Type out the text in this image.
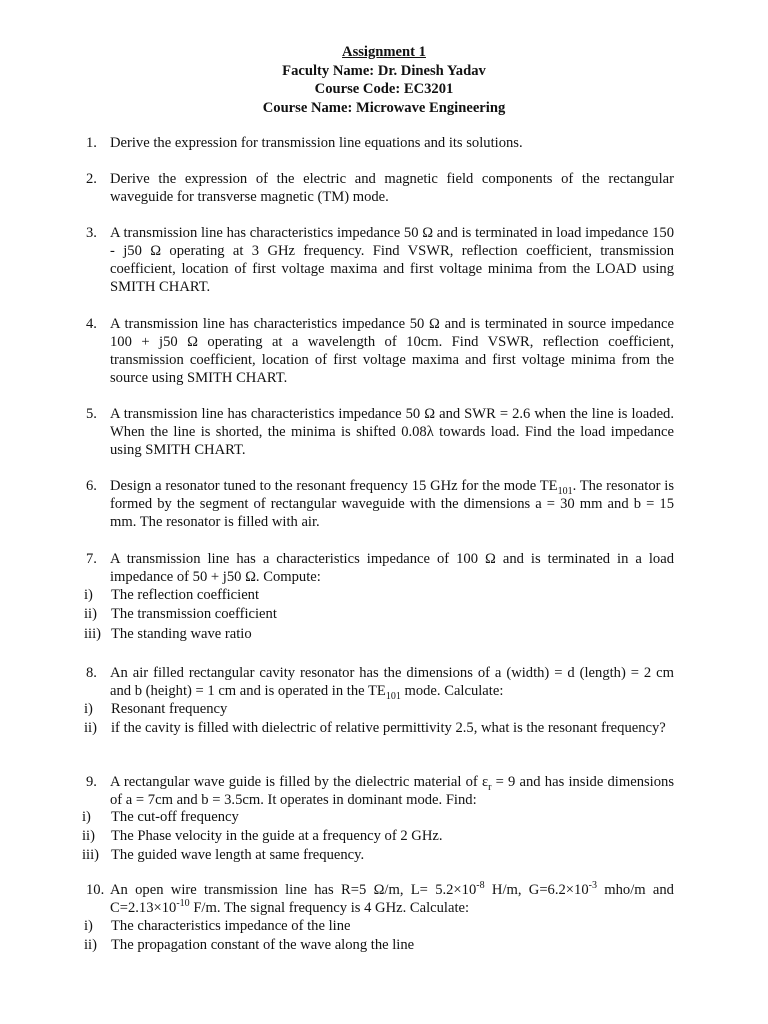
Assignment 1
Faculty Name: Dr. Dinesh Yadav
Course Code: EC3201
Course Name: Microwave Engineering
1. Derive the expression for transmission line equations and its solutions.
2. Derive the expression of the electric and magnetic field components of the rectangular waveguide for transverse magnetic (TM) mode.
3. A transmission line has characteristics impedance 50 Ω and is terminated in load impedance 150 - j50 Ω operating at 3 GHz frequency. Find VSWR, reflection coefficient, transmission coefficient, location of first voltage maxima and first voltage minima from the LOAD using SMITH CHART.
4. A transmission line has characteristics impedance 50 Ω and is terminated in source impedance 100 + j50 Ω operating at a wavelength of 10cm. Find VSWR, reflection coefficient, transmission coefficient, location of first voltage maxima and first voltage minima from the source using SMITH CHART.
5. A transmission line has characteristics impedance 50 Ω and SWR = 2.6 when the line is loaded. When the line is shorted, the minima is shifted 0.08λ towards load. Find the load impedance using SMITH CHART.
6. Design a resonator tuned to the resonant frequency 15 GHz for the mode $TE_{101}$. The resonator is formed by the segment of rectangular waveguide with the dimensions a = 30 mm and b = 15 mm. The resonator is filled with air.
7. A transmission line has a characteristics impedance of 100 Ω and is terminated in a load impedance of 50 + j50 Ω. Compute:
i) The reflection coefficient
ii) The transmission coefficient
iii) The standing wave ratio
8. An air filled rectangular cavity resonator has the dimensions of a (width) = d (length) = 2 cm and b (height) = 1 cm and is operated in the $TE_{101}$ mode. Calculate:
i) Resonant frequency
ii) if the cavity is filled with dielectric of relative permittivity 2.5, what is the resonant frequency?
9. A rectangular wave guide is filled by the dielectric material of $\varepsilon_r = 9$ and has inside dimensions of a = 7cm and b = 3.5cm. It operates in dominant mode. Find:
i) The cut-off frequency
ii) The Phase velocity in the guide at a frequency of 2 GHz.
iii) The guided wave length at same frequency.
10. An open wire transmission line has R=5 Ω/m, $L= 5.2\times 10^{-8}$ H/m, $G=6.2\times 10^{-3}$ mho/m and $C=2.13\times 10^{-10}$ F/m. The signal frequency is 4 GHz. Calculate:
i) The characteristics impedance of the line
ii) The propagation constant of the wave along the line
